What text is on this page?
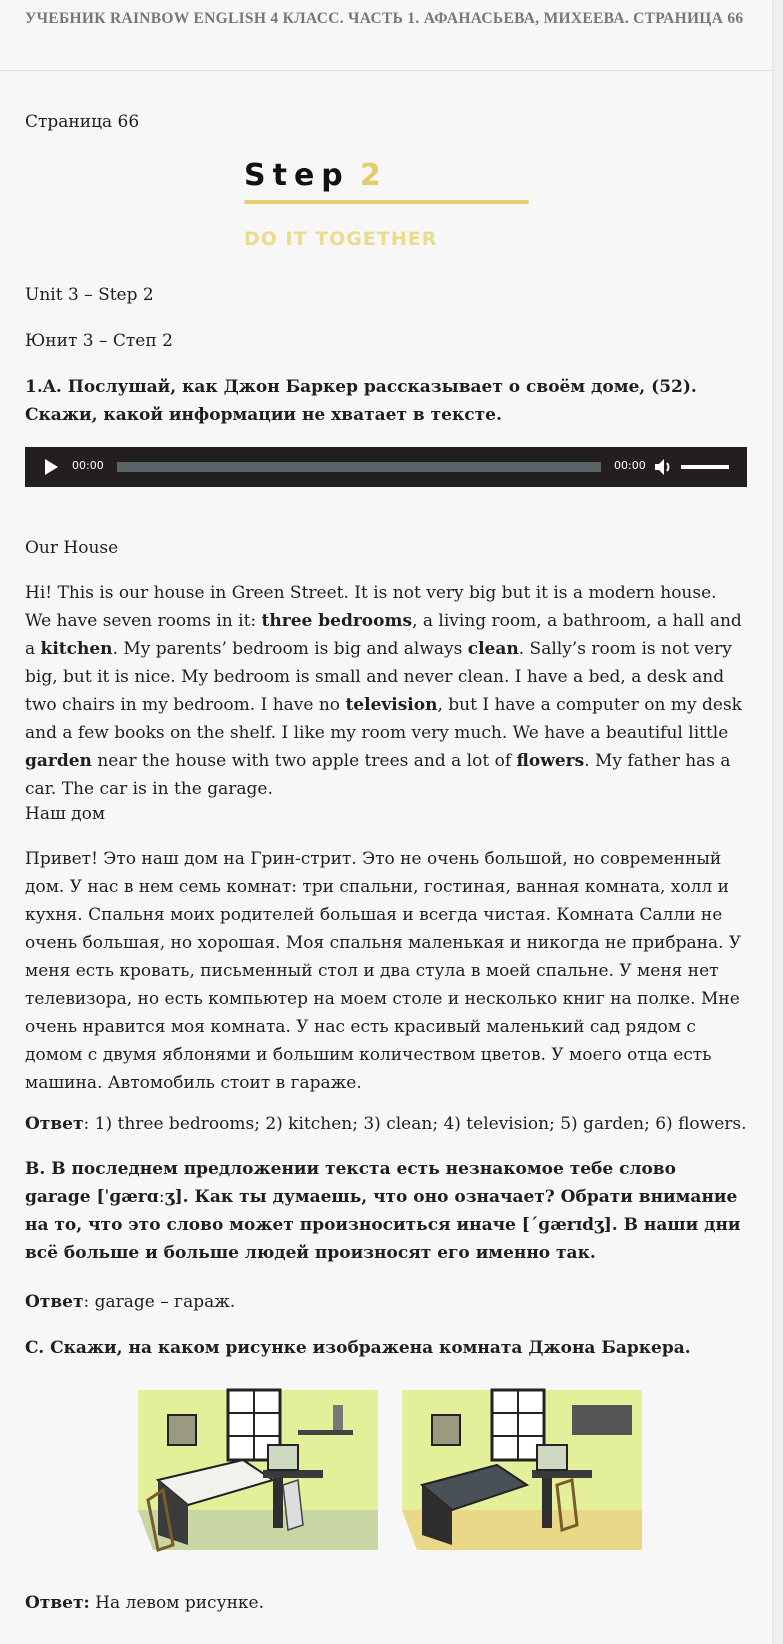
УЧЕБНИК RAINBOW ENGLISH 4 КЛАСС. ЧАСТЬ 1. АФАНАСЬЕВА, МИХЕЕВА. СТРАНИЦА 66
Страница 66
Step 2
DO IT TOGETHER
Unit 3 – Step 2
Юнит 3 – Степ 2
1.A. Послушай, как Джон Баркер рассказывает о своём доме, (52). Скажи, какой информации не хватает в тексте.
00:00	00:00
Our House
Hi! This is our house in Green Street. It is not very big but it is a modern house. We have seven rooms in it: three bedrooms, a living room, a bathroom, a hall and a kitchen. My parents’ bedroom is big and always clean. Sally’s room is not very big, but it is nice. My bedroom is small and never clean. I have a bed, a desk and two chairs in my bedroom. I have no television, but I have a computer on my desk and a few books on the shelf. I like my room very much. We have a beautiful little garden near the house with two apple trees and a lot of flowers. My father has a car. The car is in the garage.
Наш дом
Привет! Это наш дом на Грин-стрит. Это не очень большой, но современный дом. У нас в нем семь комнат: три спальни, гостиная, ванная комната, холл и кухня. Спальня моих родителей большая и всегда чистая. Комната Салли не очень большая, но хорошая. Моя спальня маленькая и никогда не прибрана. У меня есть кровать, письменный стол и два стула в моей спальне. У меня нет телевизора, но есть компьютер на моем столе и несколько книг на полке. Мне очень нравится моя комната. У нас есть красивый маленький сад рядом с домом с двумя яблонями и большим количеством цветов. У моего отца есть машина. Автомобиль стоит в гараже.
Ответ: 1) three bedrooms; 2) kitchen; 3) clean; 4) television; 5) garden; 6) flowers.
B. В последнем предложении текста есть незнакомое тебе слово garage [ˈɡærɑːʒ]. Как ты думаешь, что оно означает? Обрати внимание на то, что это слово может произноситься иначе [ˊɡærɪdʒ]. В наши дни всё больше и больше людей произносят его именно так.
Ответ: garage – гараж.
C. Скажи, на каком рисунке изображена комната Джона Баркера.
Ответ: На левом рисунке.
